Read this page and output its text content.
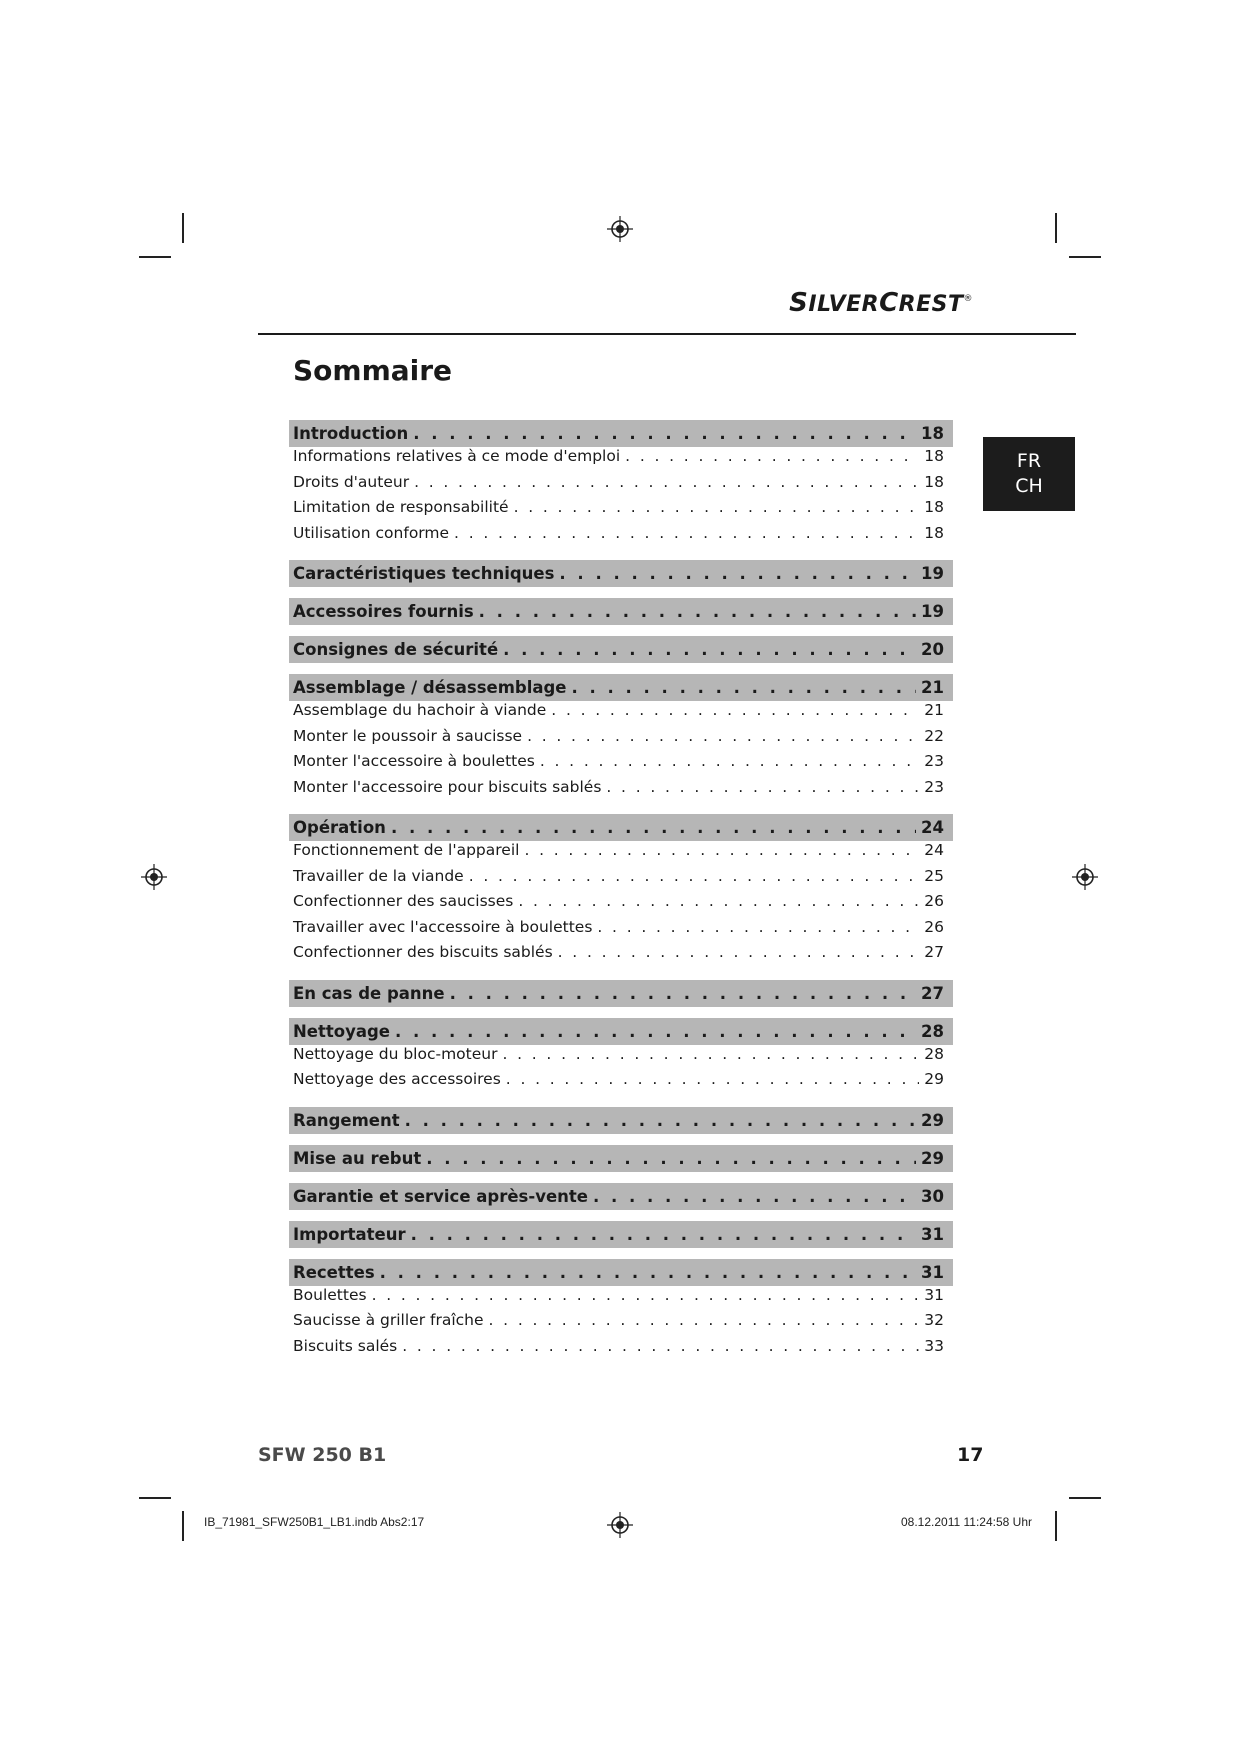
SILVERCREST®
Sommaire
FR
CH
Introduction . . .	18
Informations relatives à ce mode d'emploi . . .	18
Droits d'auteur . . .	18
Limitation de responsabilité . . .	18
Utilisation conforme . . .	18
Caractéristiques techniques . . .	19
Accessoires fournis . . .	19
Consignes de sécurité . . .	20
Assemblage / désassemblage . . .	21
Assemblage du hachoir à viande . . .	21
Monter le poussoir à saucisse . . .	22
Monter l'accessoire à boulettes . . .	23
Monter l'accessoire pour biscuits sablés . . .	23
Opération . . .	24
Fonctionnement de l'appareil . . .	24
Travailler de la viande . . .	25
Confectionner des saucisses . . .	26
Travailler avec l'accessoire à boulettes . . .	26
Confectionner des biscuits sablés . . .	27
En cas de panne . . .	27
Nettoyage . . .	28
Nettoyage du bloc-moteur . . .	28
Nettoyage des accessoires . . .	29
Rangement . . .	29
Mise au rebut . . .	29
Garantie et service après-vente . . .	30
Importateur . . .	31
Recettes . . .	31
Boulettes . . .	31
Saucisse à griller fraîche . . .	32
Biscuits salés . . .	33
SFW 250 B1	17
IB_71981_SFW250B1_LB1.indb Abs2:17	08.12.2011 11:24:58 Uhr
